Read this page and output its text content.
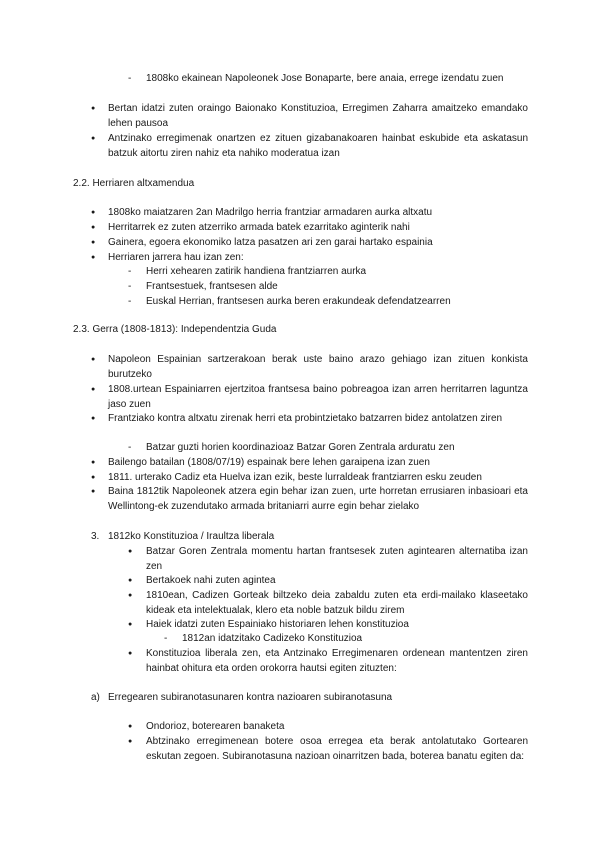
- 1808ko ekainean Napoleonek Jose Bonaparte, bere anaia, errege izendatu zuen
● Bertan idatzi zuten oraingo Baionako Konstituzioa, Erregimen Zaharra amaitzeko emandako lehen pausoa
● Antzinako erregimenak onartzen ez zituen gizabanakoaren hainbat eskubide eta askatasun batzuk aitortu ziren nahiz eta nahiko moderatua izan
2.2. Herriaren altxamendua
● 1808ko maiatzaren 2an Madrilgo herria frantziar armadaren aurka altxatu
● Herritarrek ez zuten atzerriko armada batek ezarritako aginterik nahi
● Gainera, egoera ekonomiko latza pasatzen ari zen garai hartako espainia
● Herriaren jarrera hau izan zen:
- Herri xehearen zatirik handiena frantziarren aurka
- Frantsestuek, frantsesen alde
- Euskal Herrian, frantsesen aurka beren erakundeak defendatzearren
2.3. Gerra (1808-1813): Independentzia Guda
● Napoleon Espainian sartzerakoan berak uste baino arazo gehiago izan zituen konkista burutzeko
● 1808.urtean Espainiarren ejertzitoa frantsesa baino pobreagoa izan arren herritarren laguntza jaso zuen
● Frantziako kontra altxatu zirenak herri eta probintzietako batzarren bidez antolatzen ziren
- Batzar guzti horien koordinazioaz Batzar Goren Zentrala arduratu zen
● Bailengo batailan (1808/07/19) espainak bere lehen garaipena izan zuen
● 1811. urterako Cadiz eta Huelva izan ezik, beste lurraldeak frantziarren esku zeuden
● Baina 1812tik Napoleonek atzera egin behar izan zuen, urte horretan errusiaren inbasioari eta Wellintong-ek zuzendutako armada britaniarri aurre egin behar zielako
3. 1812ko Konstituzioa / Iraultza liberala
● Batzar Goren Zentrala momentu hartan frantsesek zuten agintearen alternatiba izan zen
● Bertakoek nahi zuten agintea
● 1810ean, Cadizen Gorteak biltzeko deia zabaldu zuten eta erdi-mailako klaseetako kideak eta intelektualak, klero eta noble batzuk bildu zirem
● Haiek idatzi zuten Espainiako historiaren lehen konstituzioa
- 1812an idatzitako Cadizeko Konstituzioa
● Konstituzioa liberala zen, eta Antzinako Erregimenaren ordenean mantentzen ziren hainbat ohitura eta orden orokorra hautsi egiten zituzten:
a) Erregearen subiranotasunaren kontra nazioaren subiranotasuna
● Ondorioz, boterearen banaketa
● Abtzinako erregimenean botere osoa erregea eta berak antolatutako Gortearen eskutan zegoen. Subiranotasuna nazioan oinarritzen bada, boterea banatu egiten da:
